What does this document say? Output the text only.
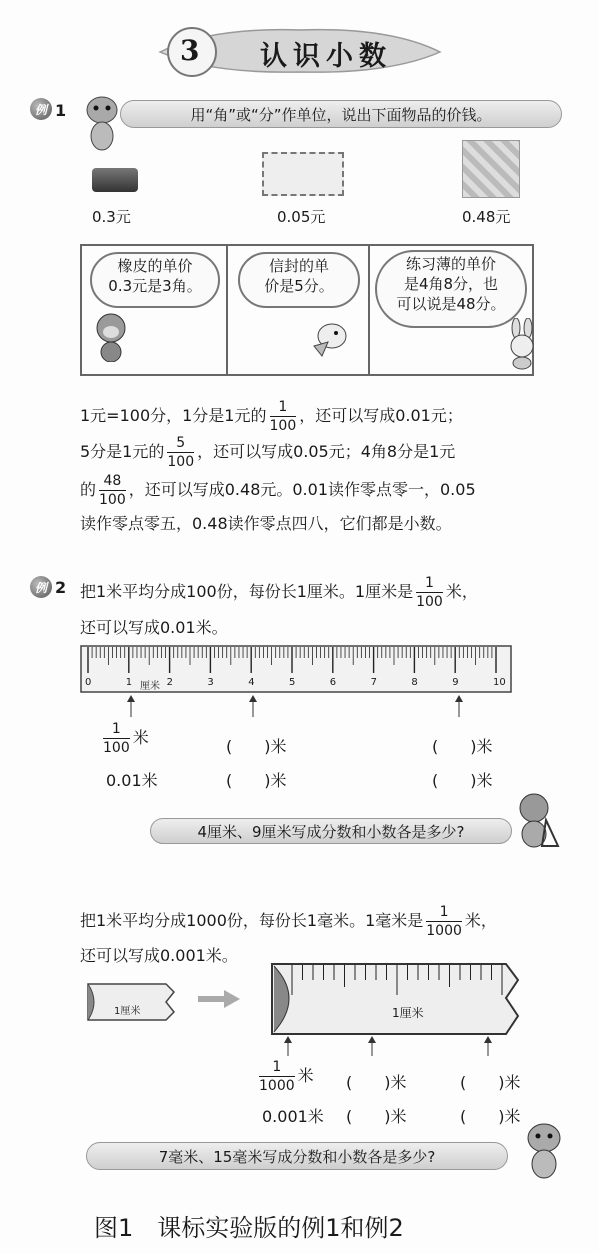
3 认识小数
例 1	用“角”或“分”作单位，说出下面物品的价钱。
0.3元	0.05元	0.48元
橡皮的单价
0.3元是3角。
信封的单
价是5分。
练习薄的单价
是4角8分，也
可以说是48分。
1元=100分，1分是1元的 $\frac{1}{100}$ ，还可以写成0.01元；
5分是1元的 $\frac{5}{100}$ ，还可以写成0.05元；4角8分是1元
的 $\frac{48}{100}$ ，还可以写成0.48元。0.01读作零点零一，0.05
读作零点零五，0.48读作零点四八，它们都是小数。
例 2 把1米平均分成100份，每份长1厘米。1厘米是 $\frac{1}{100}$ 米，
还可以写成0.01米。
厘米
0	1	2	3	4	5	6	7	8	9	10
$\frac{1}{100}$ 米	(　　)米	(　　)米
0.01米	(　　)米	(　　)米
4厘米、9厘米写成分数和小数各是多少?
把1米平均分成1000份，每份长1毫米。1毫米是 $\frac{1}{1000}$ 米，
还可以写成0.001米。
1厘米	1厘米
$\frac{1}{1000}$ 米 (　　)米	(　　)米
0.001米 (　　)米	(　　)米
7毫米、15毫米写成分数和小数各是多少?
图1　课标实验版的例1和例2
